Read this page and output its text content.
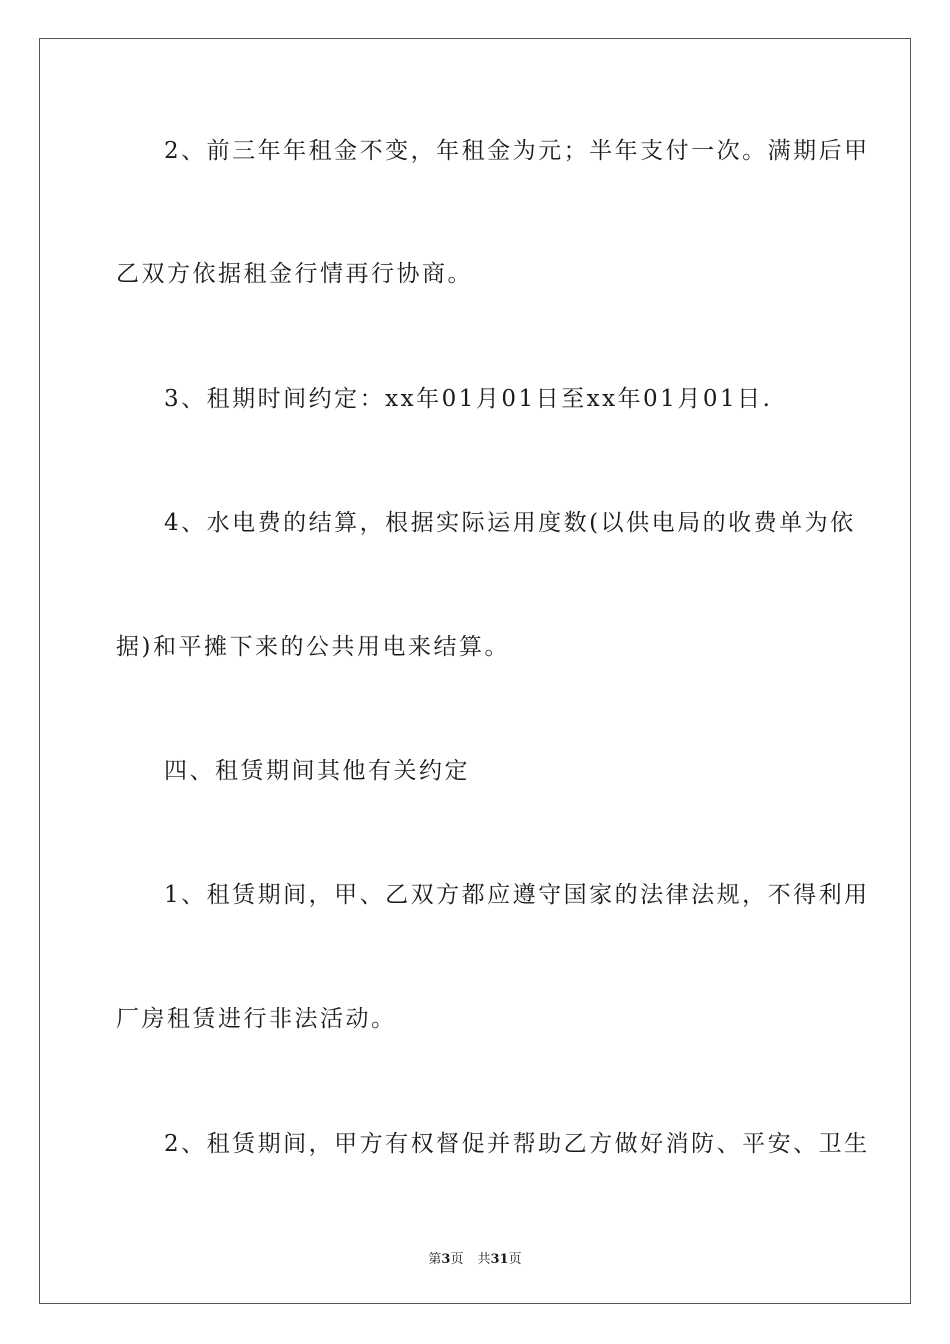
2、前三年年租金不变，年租金为元；半年支付一次。满期后甲
乙双方依据租金行情再行协商。
3、租期时间约定：xx年01月01日至xx年01月01日.
4、水电费的结算，根据实际运用度数(以供电局的收费单为依
据)和平摊下来的公共用电来结算。
四、租赁期间其他有关约定
1、租赁期间，甲、乙双方都应遵守国家的法律法规，不得利用
厂房租赁进行非法活动。
2、租赁期间，甲方有权督促并帮助乙方做好消防、平安、卫生
第3页 共31页
